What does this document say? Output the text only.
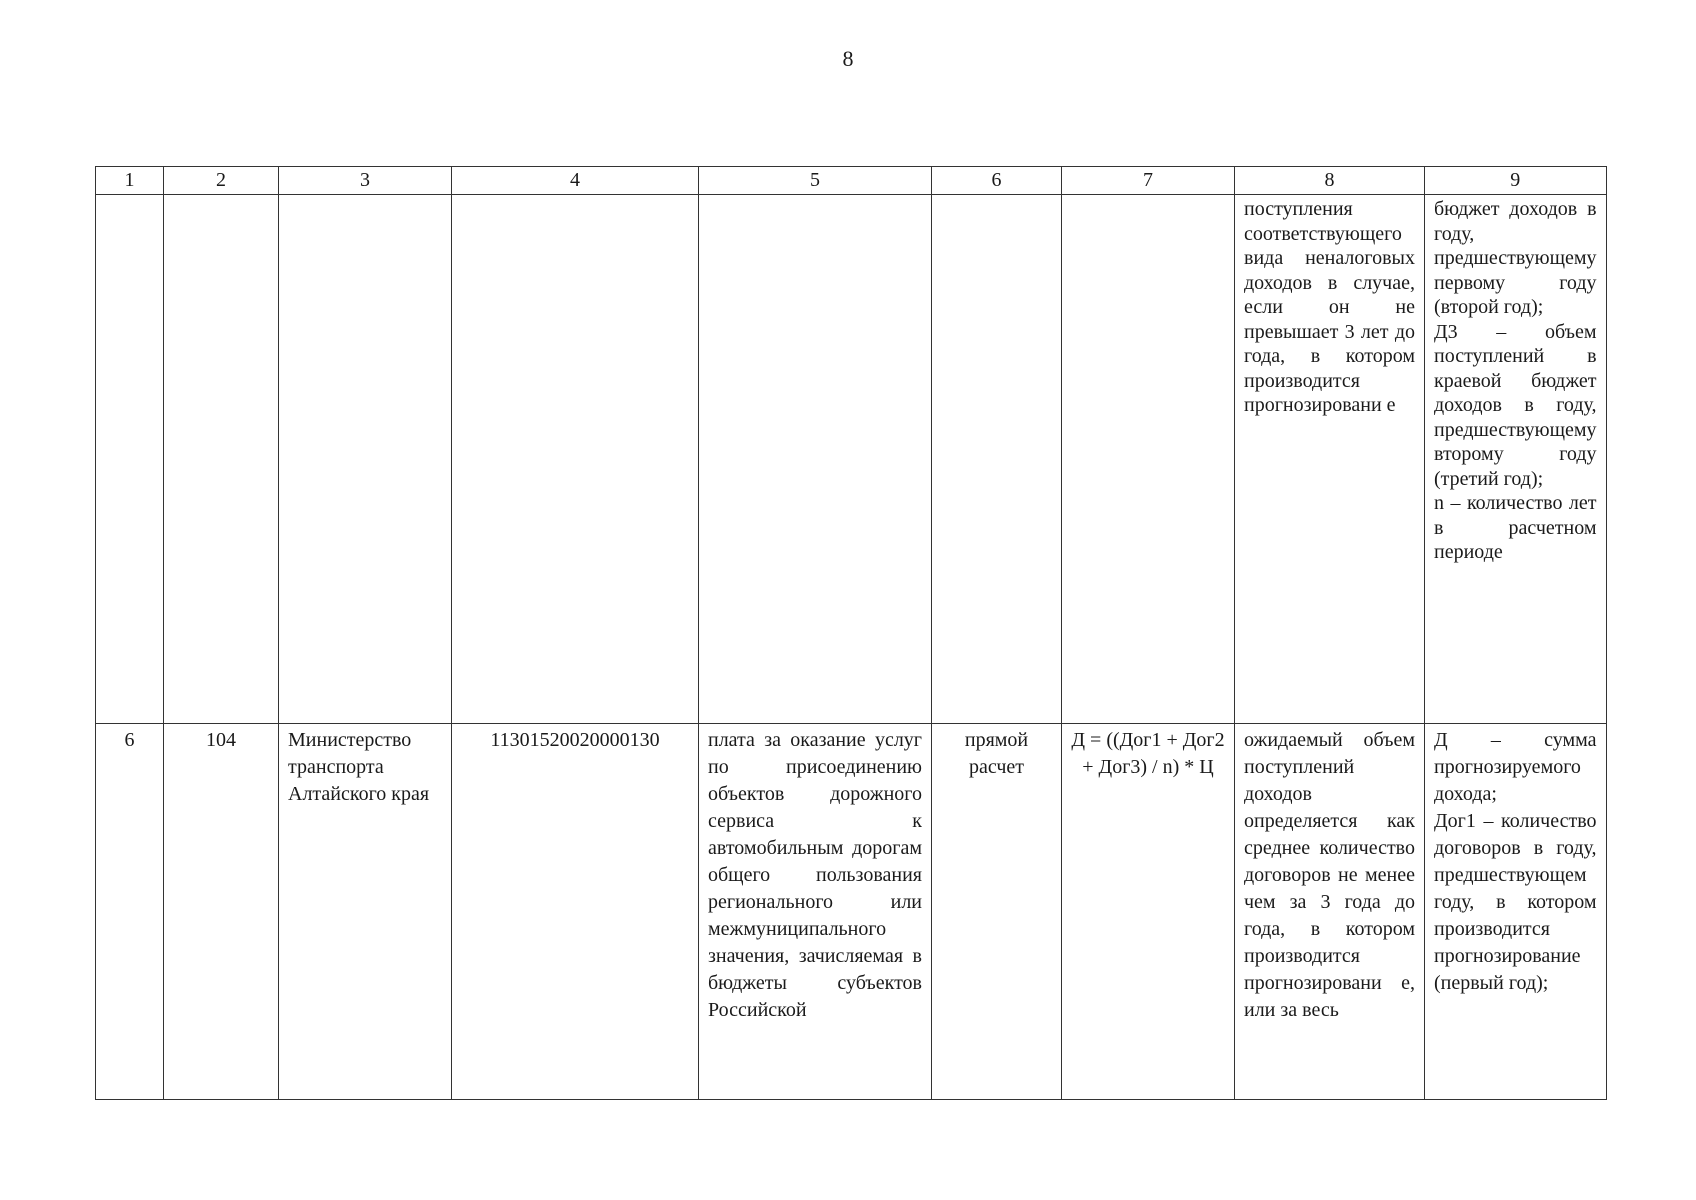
8
1	2	3	4	5	6	7	8	9
							поступления соответствующего вида неналоговых доходов в случае, если он не превышает 3 лет до года, в котором производится прогнозировани е	бюджет доходов в году, предшествующему первому году (второй год);
Д3 – объем поступлений в краевой бюджет доходов в году, предшествующему второму году (третий год);
n – количество лет в расчетном периоде

6	104	Министерство транспорта Алтайского края	11301520020000130	плата за оказание услуг по присоединению объектов дорожного сервиса к автомобильным дорогам общего пользования регионального или межмуниципального значения, зачисляемая в бюджеты субъектов Российской	прямой расчет	Д = ((Дог1 + Дог2 + Дог3) / n) * Ц	ожидаемый объем поступлений доходов определяется как среднее количество договоров не менее чем за 3 года до года, в котором производится прогнозировани е, или за весь	Д – сумма прогнозируемого дохода;
Дог1 – количество договоров в году, предшествующем году, в котором производится прогнозирование (первый год);
